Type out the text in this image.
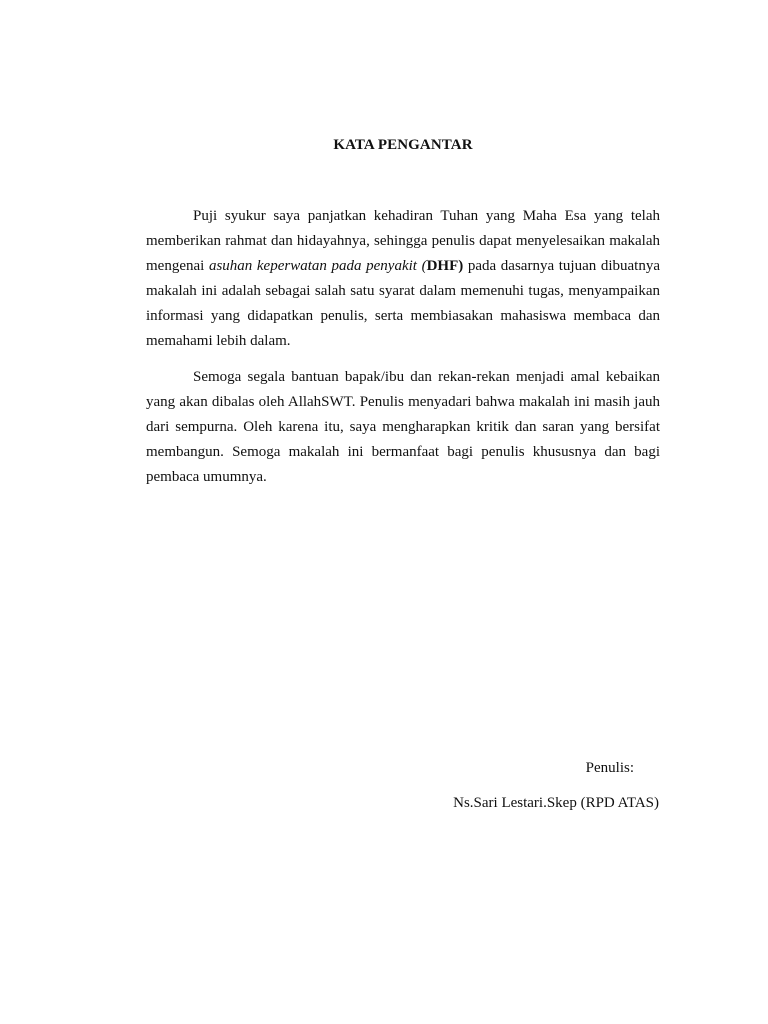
KATA PENGANTAR

Puji syukur saya panjatkan kehadiran Tuhan yang Maha Esa yang telah memberikan rahmat dan hidayahnya, sehingga penulis dapat menyelesaikan makalah mengenai asuhan keperwatan pada penyakit (DHF) pada dasarnya tujuan dibuatnya makalah ini adalah sebagai salah satu syarat dalam memenuhi tugas, menyampaikan informasi yang didapatkan penulis, serta membiasakan mahasiswa membaca dan memahami lebih dalam.

Semoga segala bantuan bapak/ibu dan rekan-rekan menjadi amal kebaikan yang akan dibalas oleh AllahSWT. Penulis menyadari bahwa makalah ini masih jauh dari sempurna. Oleh karena itu, saya mengharapkan kritik dan saran yang bersifat membangun. Semoga makalah ini bermanfaat bagi penulis khususnya dan bagi pembaca umumnya.

Penulis:
Ns.Sari Lestari.Skep (RPD ATAS)
